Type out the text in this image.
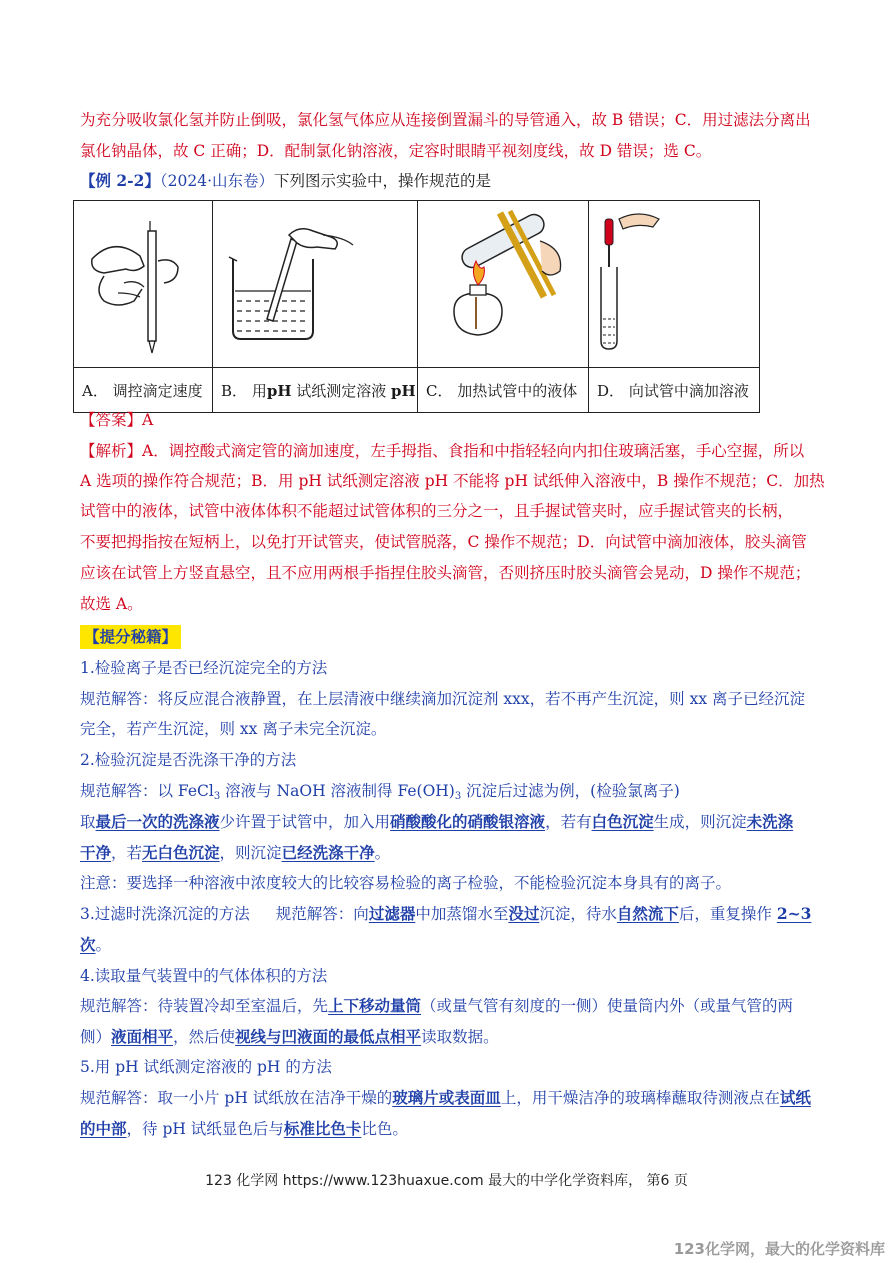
为充分吸收氯化氢并防止倒吸，氯化氢气体应从连接倒置漏斗的导管通入，故 B 错误；C．用过滤法分离出
氯化钠晶体，故 C 正确；D．配制氯化钠溶液，定容时眼睛平视刻度线，故 D 错误；选 C。
【例 2-2】（2024·山东卷）下列图示实验中，操作规范的是

A． 调控滴定速度	B． 用pH 试纸测定溶液 pH	C． 加热试管中的液体	D． 向试管中滴加溶液
【答案】A
【解析】A．调控酸式滴定管的滴加速度，左手拇指、食指和中指轻轻向内扣住玻璃活塞，手心空握，所以
A 选项的操作符合规范；B．用 pH 试纸测定溶液 pH 不能将 pH 试纸伸入溶液中，B 操作不规范；C．加热
试管中的液体，试管中液体体积不能超过试管体积的三分之一，且手握试管夹时，应手握试管夹的长柄，
不要把拇指按在短柄上，以免打开试管夹，使试管脱落，C 操作不规范；D．向试管中滴加液体，胶头滴管
应该在试管上方竖直悬空，且不应用两根手指捏住胶头滴管，否则挤压时胶头滴管会晃动，D 操作不规范；
故选 A。
【提分秘籍】
1.检验离子是否已经沉淀完全的方法
规范解答：将反应混合液静置，在上层清液中继续滴加沉淀剂 xxx，若不再产生沉淀，则 xx 离子已经沉淀
完全，若产生沉淀，则 xx 离子未完全沉淀。
2.检验沉淀是否洗涤干净的方法
规范解答：以 FeCl$_3$ 溶液与 NaOH 溶液制得 $Fe(OH)_3$ 沉淀后过滤为例，(检验氯离子)
取最后一次的洗涤液少许置于试管中，加入用硝酸酸化的硝酸银溶液，若有白色沉淀生成，则沉淀未洗涤
干净，若无白色沉淀，则沉淀已经洗涤干净。
注意：要选择一种溶液中浓度较大的比较容易检验的离子检验，不能检验沉淀本身具有的离子。
3.过滤时洗涤沉淀的方法 规范解答：向过滤器中加蒸馏水至没过沉淀，待水自然流下后，重复操作 2~3
次。
4.读取量气装置中的气体体积的方法
规范解答：待装置冷却至室温后，先上下移动量筒（或量气管有刻度的一侧）使量筒内外（或量气管的两
侧）液面相平，然后使视线与凹液面的最低点相平读取数据。
5.用 pH 试纸测定溶液的 pH 的方法
规范解答：取一小片 pH 试纸放在洁净干燥的玻璃片或表面皿上，用干燥洁净的玻璃棒蘸取待测液点在试纸
的中部，待 pH 试纸显色后与标准比色卡比色。
123 化学网 https://www.123huaxue.com 最大的中学化学资料库， 第6 页
123化学网，最大的化学资料库
